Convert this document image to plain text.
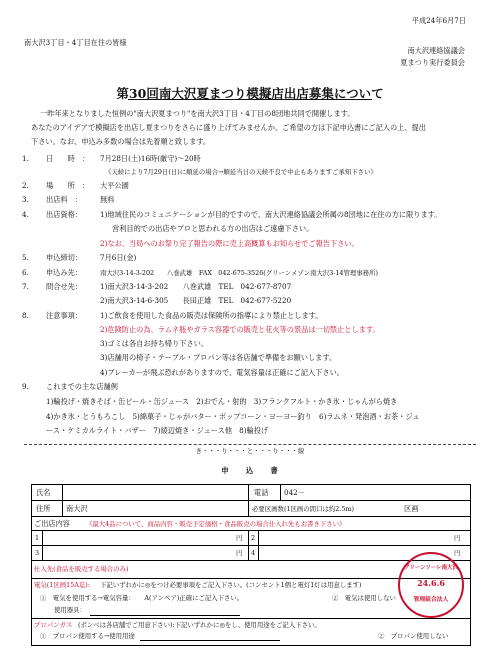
平成24年6月7日
南大沢3丁目・4丁目在住の皆様
南大沢連絡協議会
夏まつり実行委員会
第30回南大沢夏まつり模擬店出店募集について
一昨年来となりました恒例の"南大沢夏まつり"を南大沢3丁目・4丁目の8団地共同で開催します。
あなたのアイデアで模擬店を出店し夏まつりをさらに盛り上げてみませんか。ご希望の方は下記申込書にご記入の上、提出
下さい。なお、申込み多数の場合は先着順と致します。
1. 日　　時　： 7月28日(土)16時(厳守)～20時
《天候により7月29日(日)に順延の場合→順延当日の天候不良で中止もありますご承知下さい》
2. 場　　所　： 大平公園
3. 出店料　：	無料
4. 出店資格：	1)地域住民のコミュニケーションが目的ですので、南大沢連絡協議会所属の8団地に在住の方に限ります。
営利目的での出店やプロと思われる方の出店はご遠慮下さい。
2)なお、当局へのお祭り完了報告の際に売上高概算もお知らせでご報告下さい。
5. 申込締切：	7月6日(金)
6. 申込み先：	南大沢3-14-3-202　　八巻武雄　FAX　042-675-3526(グリーンメゾン南大沢3-14管理事務所)
7. 問合せ先：	1)南大沢3-14-3-202　　八巻武雄　TEL　042-677-8707
2)南大沢3-14-6-305　　長田正雄　TEL　042-677-5220
8. 注意事項：	1)ご飲食を使用した食品の販売は保険所の指導により禁止とします。
2)危険防止の為、ラムネ瓶やガラス容器での販売と花火等の景品は一切禁止とします。
3)ゴミは各自お持ち帰り下さい。
3)店舗用の椅子・テーブル・プロパン等は各店舗で準備をお願いします。
4)ブレーカーが飛ぶ恐れがありますので、電気容量は正確にご記入下さい。
9. これまでの主な店舗例
1)輪投げ・焼きそば・缶ビール・缶ジュース　2)おでん・射的　3)フランクフルト・かき氷・じゃんがら焼き
4)かき氷・とうもろこし　5)綿菓子・じゃがバター・ポップコーン・ヨーヨー釣り　6)ラムネ・発泡酒・お茶・ジュ
ース・ケミカルライト・バザー　7)綾辺焼き・ジュース他　8)輪投げ
き・・・り・・・と・・・り・・・線
申　　込　　書
氏名	電話 042－
住所 南大沢	必要区画数(1区画の間口は約2.5m)	区画
ご出店内容	《最大4品について、商品内容・販売予定価格・食品販売の場合仕入れ先もお書き下さい》
1	円 2	円
3	円 4	円
仕入先(食品を販売する場合のみ)
電気(1区画15A迄): 下記いずれかに◎をつけ必要事項をご記入下さい。(コンセント1個と電灯1灯は用意します)
①　電気を使用する→電気容量：　　A(アンペア)正確にご記入下さい。
使用器具：
②　電気は使用しない
プロパンガス (ボンベは各店舗でご用意下さい):下記いずれかに◎をし、使用用途をご記入下さい。
①　プロパン使用する→使用用途	②　プロパン使用しない
グリーンソーレ南大沢
24.6.6
管理組合法人
